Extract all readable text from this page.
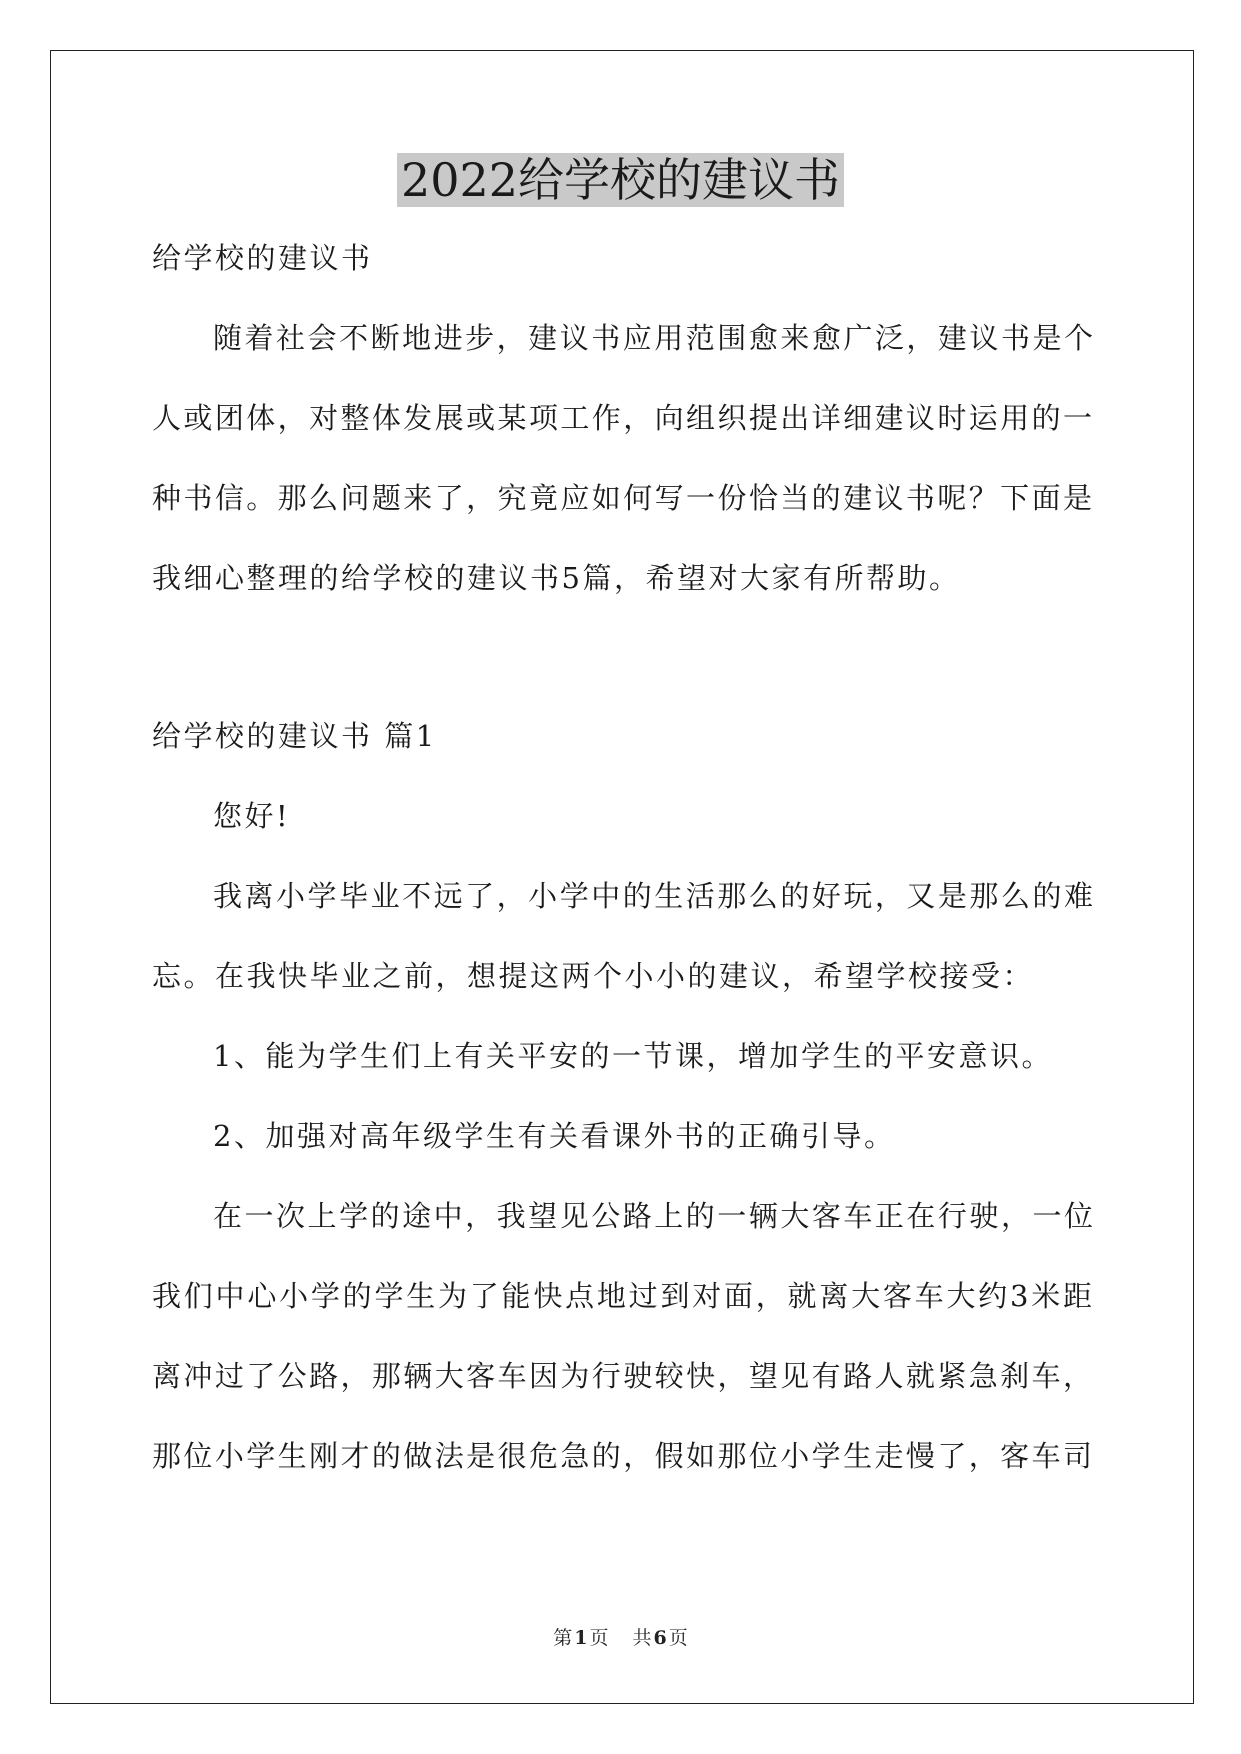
2022给学校的建议书

给学校的建议书

随着社会不断地进步，建议书应用范围愈来愈广泛，建议书是个

人或团体，对整体发展或某项工作，向组织提出详细建议时运用的一

种书信。那么问题来了，究竟应如何写一份恰当的建议书呢？下面是

我细心整理的给学校的建议书5篇，希望对大家有所帮助。

给学校的建议书 篇1

您好!

我离小学毕业不远了，小学中的生活那么的好玩，又是那么的难

忘。在我快毕业之前，想提这两个小小的建议，希望学校接受：

1、能为学生们上有关平安的一节课，增加学生的平安意识。

2、加强对高年级学生有关看课外书的正确引导。

在一次上学的途中，我望见公路上的一辆大客车正在行驶，一位

我们中心小学的学生为了能快点地过到对面，就离大客车大约3米距

离冲过了公路，那辆大客车因为行驶较快，望见有路人就紧急刹车，

那位小学生刚才的做法是很危急的，假如那位小学生走慢了，客车司

第 1 页 共 6 页
